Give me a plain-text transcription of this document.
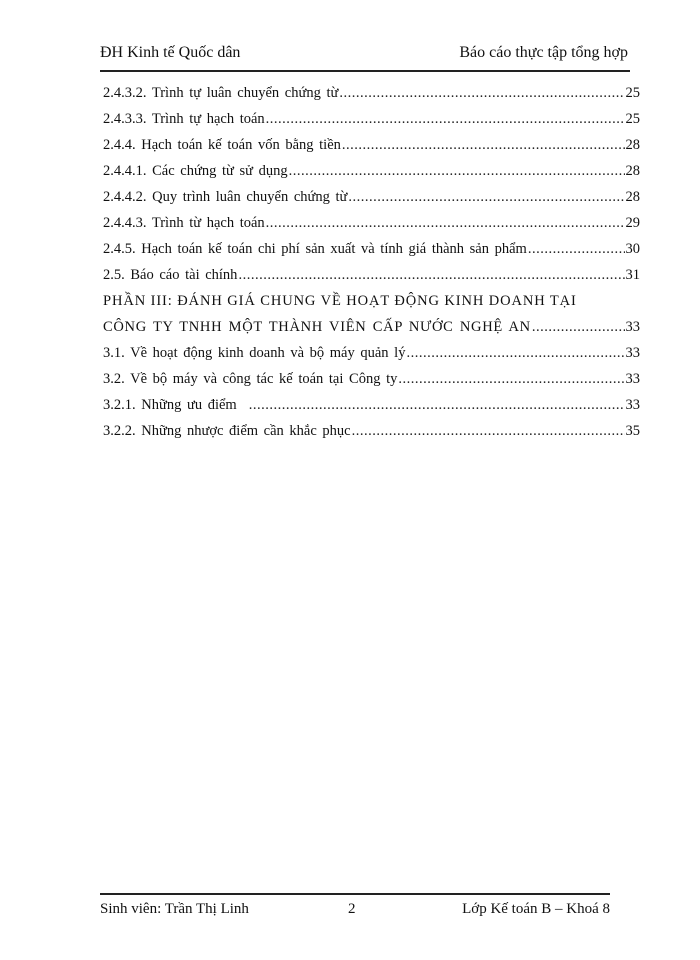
ĐH Kinh tế Quốc dân	Báo cáo thực tập tổng hợp
2.4.3.2. Trình tự luân chuyển chứng từ .....	25
2.4.3.3. Trình tự hạch toán .....	25
2.4.4. Hạch toán kế toán vốn bằng tiền .....	28
2.4.4.1. Các chứng từ sử dụng .....	28
2.4.4.2. Quy trình luân chuyển chứng từ .....	28
2.4.4.3. Trình từ hạch toán .....	29
2.4.5. Hạch toán kế toán chi phí sản xuất và tính giá thành sản phẩm .....	30
2.5. Báo cáo tài chính .....	31
PHẦN III: ĐÁNH GIÁ CHUNG VỀ HOẠT ĐỘNG KINH DOANH TẠI
CÔNG TY TNHH MỘT THÀNH VIÊN CẤP NƯỚC NGHỆ AN .....	33
3.1. Về hoạt động kinh doanh và bộ máy quản lý .....	33
3.2. Về bộ máy và công tác kế toán tại Công ty .....	33
3.2.1. Những ưu điểm .....	33
3.2.2. Những nhược điểm cần khắc phục .....	35
Sinh viên: Trần Thị Linh	2	Lớp Kế toán B – Khoá 8
